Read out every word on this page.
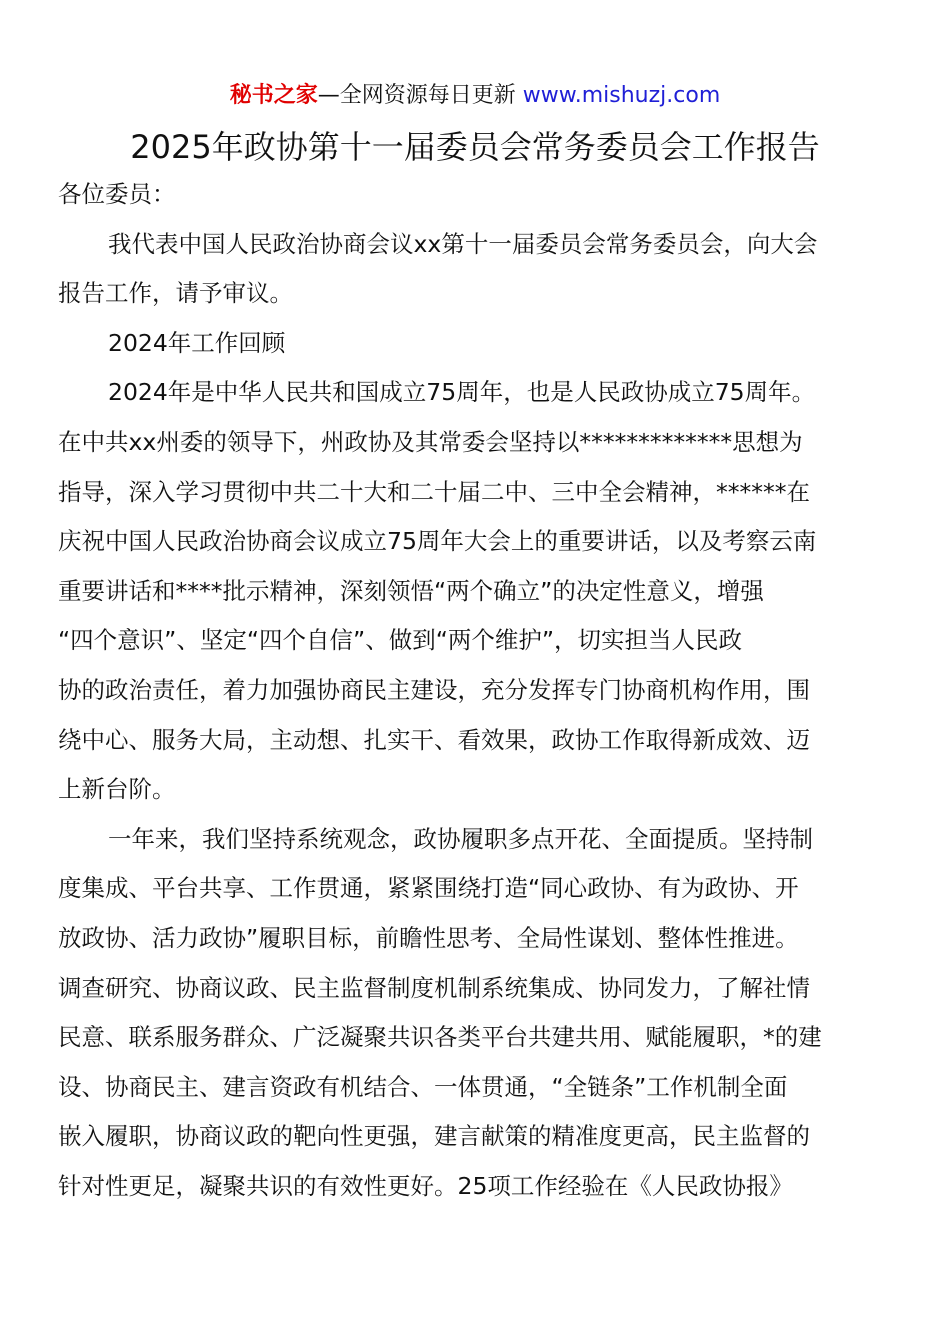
秘书之家—全网资源每日更新 www.mishuzj.com
2025年政协第十一届委员会常务委员会工作报告
各位委员：
我代表中国人民政治协商会议xx第十一届委员会常务委员会，向大会
报告工作，请予审议。
2024年工作回顾
2024年是中华人民共和国成立75周年，也是人民政协成立75周年。
在中共xx州委的领导下，州政协及其常委会坚持以*************思想为
指导，深入学习贯彻中共二十大和二十届二中、三中全会精神，******在
庆祝中国人民政治协商会议成立75周年大会上的重要讲话，以及考察云南
重要讲话和****批示精神，深刻领悟“两个确立”的决定性意义，增强
“四个意识”、坚定“四个自信”、做到“两个维护”，切实担当人民政
协的政治责任，着力加强协商民主建设，充分发挥专门协商机构作用，围
绕中心、服务大局，主动想、扎实干、看效果，政协工作取得新成效、迈
上新台阶。
一年来，我们坚持系统观念，政协履职多点开花、全面提质。坚持制
度集成、平台共享、工作贯通，紧紧围绕打造“同心政协、有为政协、开
放政协、活力政协”履职目标，前瞻性思考、全局性谋划、整体性推进。
调查研究、协商议政、民主监督制度机制系统集成、协同发力，了解社情
民意、联系服务群众、广泛凝聚共识各类平台共建共用、赋能履职，*的建
设、协商民主、建言资政有机结合、一体贯通，“全链条”工作机制全面
嵌入履职，协商议政的靶向性更强，建言献策的精准度更高，民主监督的
针对性更足，凝聚共识的有效性更好。25项工作经验在《人民政协报》
